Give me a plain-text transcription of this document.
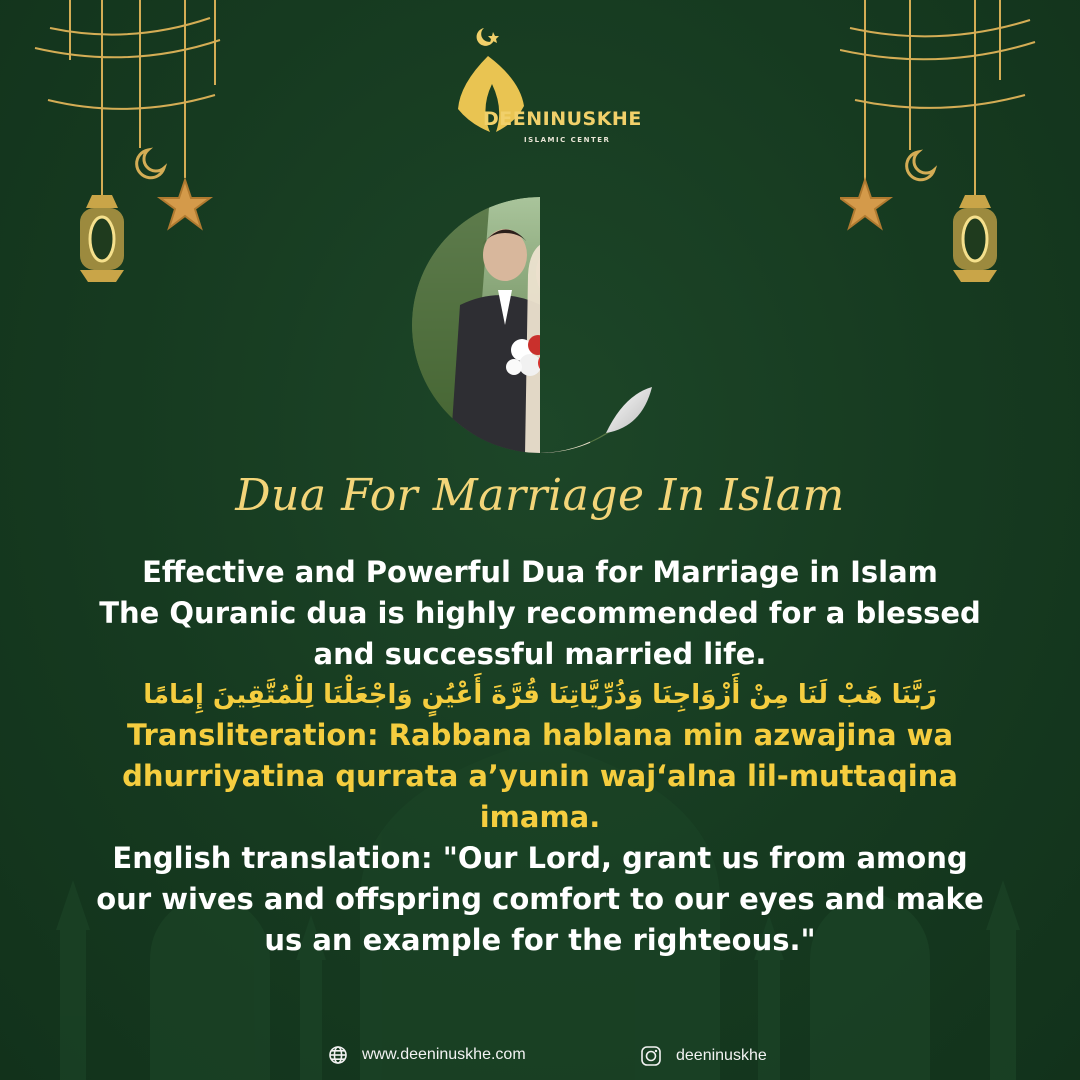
DEENINUSKHE
ISLAMIC CENTER
Dua For Marriage In Islam

Effective and Powerful Dua for Marriage in Islam

The Quranic dua is highly recommended for a blessed

and successful married life.

رَبَّنَا هَبْ لَنَا مِنْ أَزْوَاجِنَا وَذُرِّيَّاتِنَا قُرَّةَ أَعْيُنٍ وَاجْعَلْنَا لِلْمُتَّقِينَ إِمَامًا

Transliteration: Rabbana hablana min azwajina wa

dhurriyatina qurrata a’yunin waj‘alna lil-muttaqina

imama.

English translation: "Our Lord, grant us from among

our wives and offspring comfort to our eyes and make

us an example for the righteous."

www.deeninuskhe.com	deeninuskhe
